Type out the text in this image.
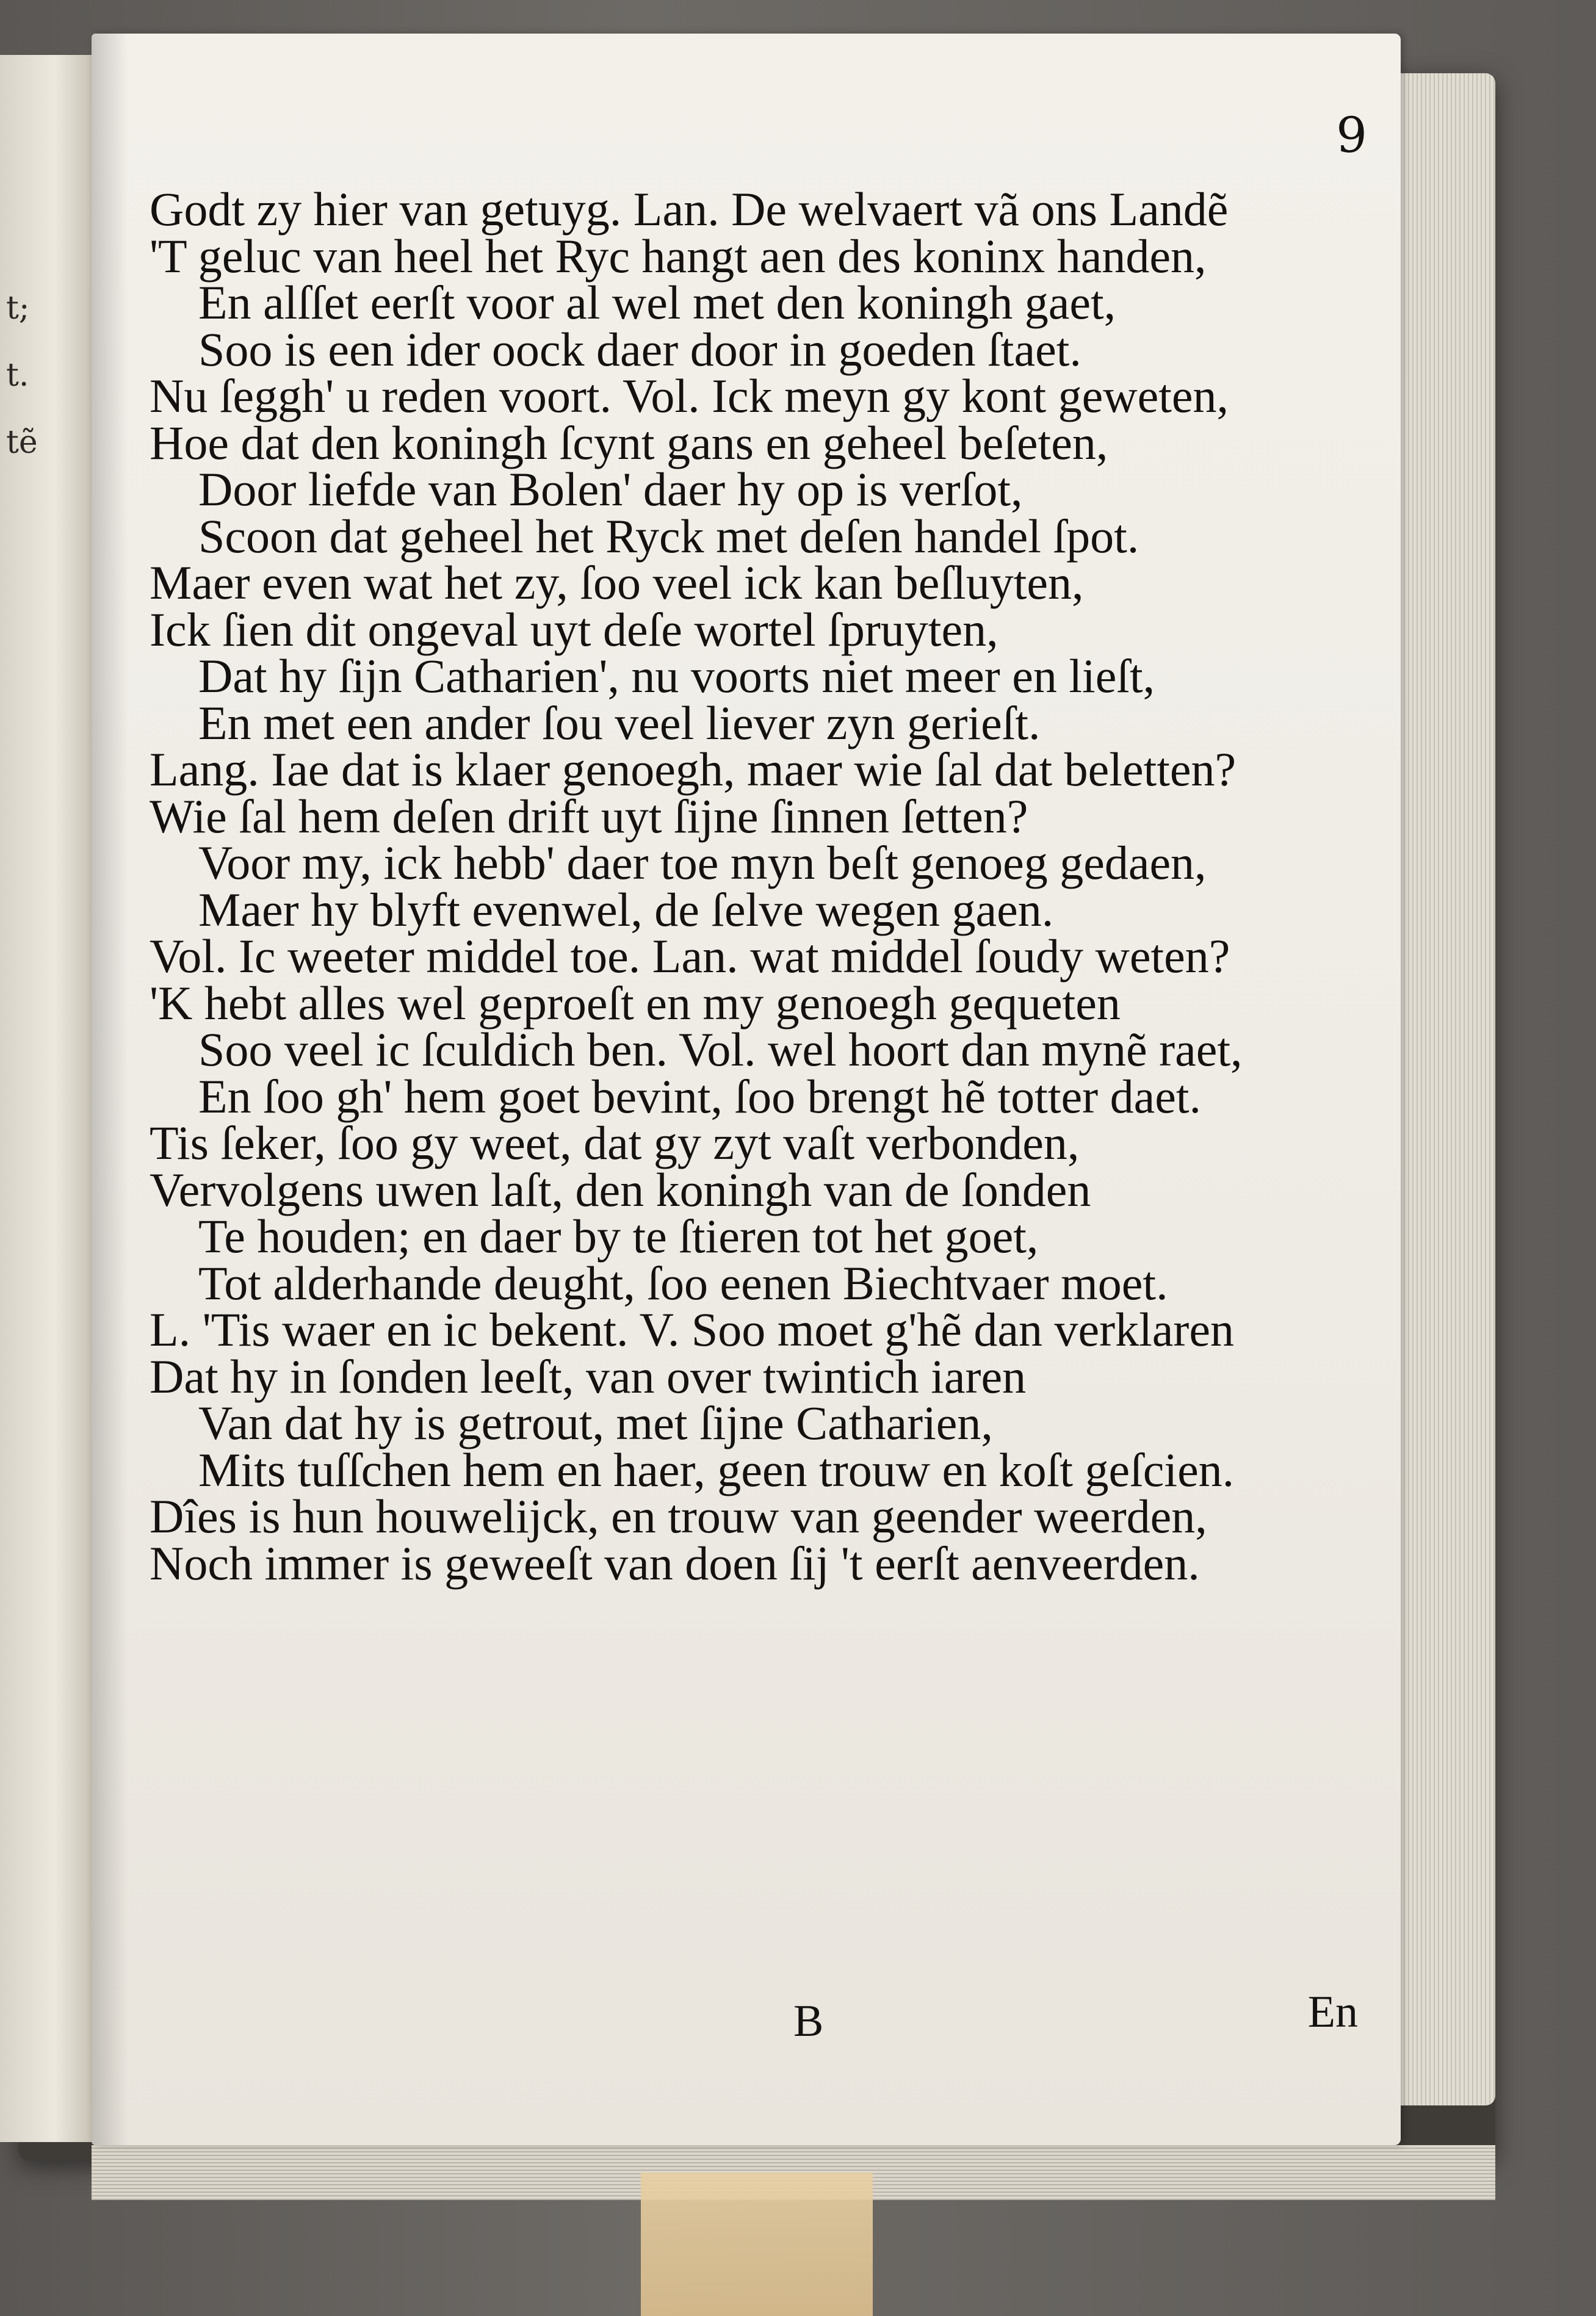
t;
t.
tẽ
9
Godt zy hier van getuyg. Lan. De welvaert vã ons Landẽ
'T geluc van heel het Ryc hangt aen des koninx handen,
En alſſet eerſt voor al wel met den koningh gaet,
Soo is een ider oock daer door in goeden ſtaet.
Nu ſeggh' u reden voort. Vol. Ick meyn gy kont geweten,
Hoe dat den koningh ſcynt gans en geheel beſeten,
Door liefde van Bolen' daer hy op is verſot,
Scoon dat geheel het Ryck met deſen handel ſpot.
Maer even wat het zy, ſoo veel ick kan beſluyten,
Ick ſien dit ongeval uyt deſe wortel ſpruyten,
Dat hy ſijn Catharien', nu voorts niet meer en lieſt,
En met een ander ſou veel liever zyn gerieſt.
Lang. Iae dat is klaer genoegh, maer wie ſal dat beletten?
Wie ſal hem deſen drift uyt ſijne ſinnen ſetten?
Voor my, ick hebb' daer toe myn beſt genoeg gedaen,
Maer hy blyft evenwel, de ſelve wegen gaen.
Vol. Ic weeter middel toe. Lan. wat middel ſoudy weten?
'K hebt alles wel geproeſt en my genoegh gequeten
Soo veel ic ſculdich ben. Vol. wel hoort dan mynẽ raet,
En ſoo gh' hem goet bevint, ſoo brengt hẽ totter daet.
Tis ſeker, ſoo gy weet, dat gy zyt vaſt verbonden,
Vervolgens uwen laſt, den koningh van de ſonden
Te houden; en daer by te ſtieren tot het goet,
Tot alderhande deught, ſoo eenen Biechtvaer moet.
L. 'Tis waer en ic bekent. V. Soo moet g'hẽ dan verklaren
Dat hy in ſonden leeſt, van over twintich iaren
Van dat hy is getrout, met ſijne Catharien,
Mits tuſſchen hem en haer, geen trouw en koſt geſcien.
Dîes is hun houwelijck, en trouw van geender weerden,
Noch immer is geweeſt van doen ſij 't eerſt aenveerden.
B	En
